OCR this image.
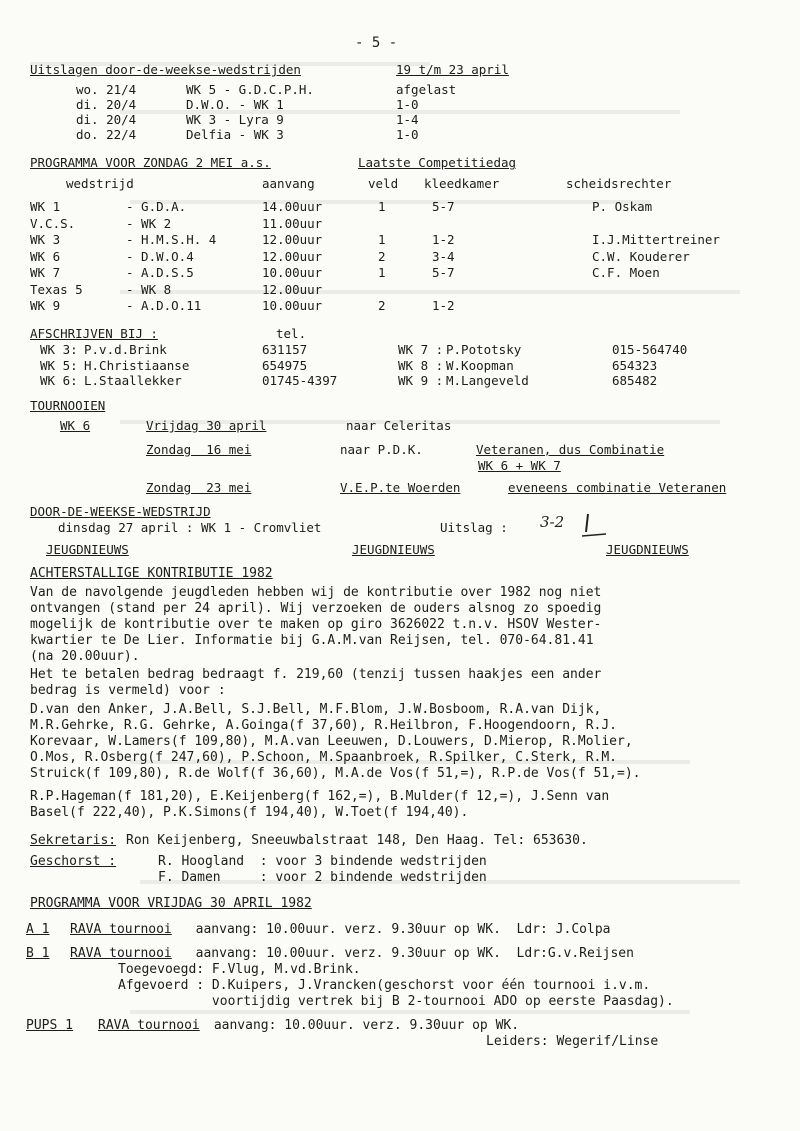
- 5 -
Uitslagen door-de-weekse-wedstrijden	19 t/m 23 april
wo. 21/4	WK 5 - G.D.C.P.H.	afgelast
di. 20/4	D.W.O. - WK 1	1-0
di. 20/4	WK 3 - Lyra 9	1-4
do. 22/4	Delfia - WK 3	1-0
PROGRAMMA VOOR ZONDAG 2 MEI a.s.	Laatste Competitiedag
wedstrijd	aanvang	veld kleedkamer	scheidsrechter
WK 1	- G.D.A.	14.00uur	1	5-7	P. Oskam
V.C.S.	- WK 2	11.00uur
WK 3	- H.M.S.H. 4	12.00uur	1	1-2	I.J.Mittertreiner
WK 6	- D.W.O.4	12.00uur	2	3-4	C.W. Kouderer
WK 7	- A.D.S.5	10.00uur	1	5-7	C.F. Moen
Texas 5	- WK 8	12.00uur
WK 9	- A.D.O.11	10.00uur	2	1-2
AFSCHRIJVEN BIJ :	tel.
WK 3: P.v.d.Brink	631157
WK 5: H.Christiaanse	654975
WK 6: L.Staallekker	01745-4397
WK 7 : P.Pototsky	015-564740
WK 8 : W.Koopman	654323
WK 9 : M.Langeveld	685482
TOURNOOIEN
WK 6	Vrijdag 30 april	naar Celeritas
Zondag  16 mei	naar P.D.K.	Veteranen, dus Combinatie
WK 6 + WK 7
Zondag  23 mei	V.E.P.te Woerden	eveneens combinatie Veteranen
DOOR-DE-WEEKSE-WEDSTRIJD
dinsdag 27 april : WK 1 - Cromvliet	Uitslag : 3-2
JEUGDNIEUWS	JEUGDNIEUWS	JEUGDNIEUWS
ACHTERSTALLIGE KONTRIBUTIE 1982
Van de navolgende jeugdleden hebben wij de kontributie over 1982 nog niet
ontvangen (stand per 24 april). Wij verzoeken de ouders alsnog zo spoedig
mogelijk de kontributie over te maken op giro 3626022 t.n.v. HSOV Wester-
kwartier te De Lier. Informatie bij G.A.M.van Reijsen, tel. 070-64.81.41
(na 20.00uur).
Het te betalen bedrag bedraagt f. 219,60 (tenzij tussen haakjes een ander
bedrag is vermeld) voor :
D.van den Anker, J.A.Bell, S.J.Bell, M.F.Blom, J.W.Bosboom, R.A.van Dijk,
M.R.Gehrke, R.G. Gehrke, A.Goinga(f 37,60), R.Heilbron, F.Hoogendoorn, R.J.
Korevaar, W.Lamers(f 109,80), M.A.van Leeuwen, D.Louwers, D.Mierop, R.Molier,
O.Mos, R.Osberg(f 247,60), P.Schoon, M.Spaanbroek, R.Spilker, C.Sterk, R.M.
Struick(f 109,80), R.de Wolf(f 36,60), M.A.de Vos(f 51,=), R.P.de Vos(f 51,=).
R.P.Hageman(f 181,20), E.Keijenberg(f 162,=), B.Mulder(f 12,=), J.Senn van
Basel(f 222,40), P.K.Simons(f 194,40), W.Toet(f 194,40).
Sekretaris: Ron Keijenberg, Sneeuwbalstraat 148, Den Haag. Tel: 653630.
Geschorst :	R. Hoogland  : voor 3 bindende wedstrijden
F. Damen     : voor 2 bindende wedstrijden
PROGRAMMA VOOR VRIJDAG 30 APRIL 1982
A 1 RAVA tournooi aanvang: 10.00uur. verz. 9.30uur op WK.  Ldr: J.Colpa
B 1 RAVA tournooi aanvang: 10.00uur. verz. 9.30uur op WK.  Ldr:G.v.Reijsen
Toegevoegd: F.Vlug, M.vd.Brink.
Afgevoerd : D.Kuipers, J.Vrancken(geschorst voor één tournooi i.v.m.
voortijdig vertrek bij B 2-tournooi ADO op eerste Paasdag).
PUPS 1 RAVA tournooi aanvang: 10.00uur. verz. 9.30uur op WK.
Leiders: Wegerif/Linse
